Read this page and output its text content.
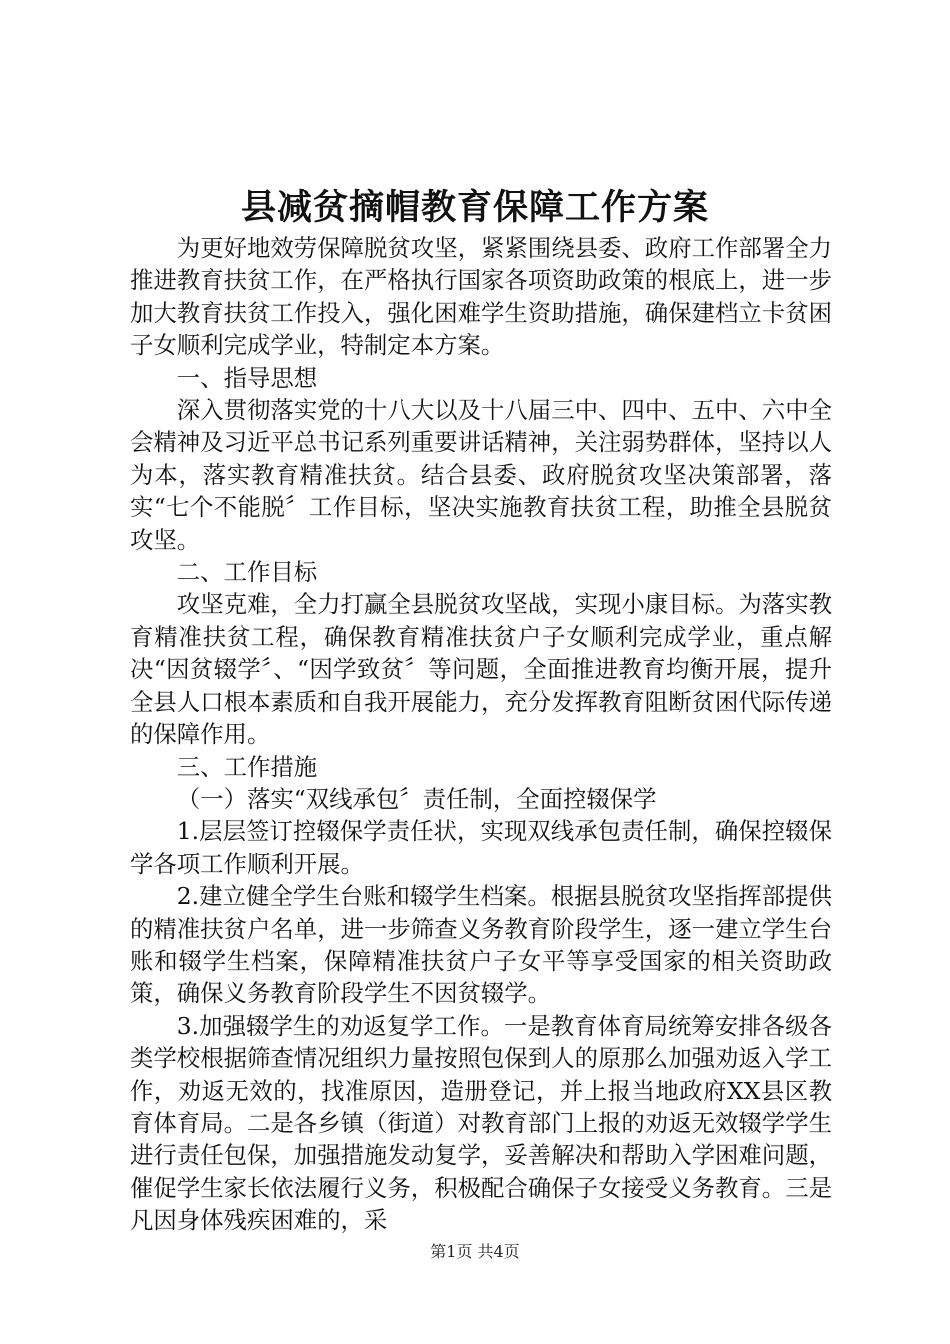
县减贫摘帽教育保障工作方案

为更好地效劳保障脱贫攻坚，紧紧围绕县委、政府工作部署全力推进教育扶贫工作，在严格执行国家各项资助政策的根底上，进一步加大教育扶贫工作投入，强化困难学生资助措施，确保建档立卡贫困子女顺利完成学业，特制定本方案。

一、指导思想

深入贯彻落实党的十八大以及十八届三中、四中、五中、六中全会精神及习近平总书记系列重要讲话精神，关注弱势群体，坚持以人为本，落实教育精准扶贫。结合县委、政府脱贫攻坚决策部署，落实“七个不能脱〞工作目标，坚决实施教育扶贫工程，助推全县脱贫攻坚。

二、工作目标

攻坚克难，全力打赢全县脱贫攻坚战，实现小康目标。为落实教育精准扶贫工程，确保教育精准扶贫户子女顺利完成学业，重点解决“因贫辍学〞、“因学致贫〞等问题，全面推进教育均衡开展，提升全县人口根本素质和自我开展能力，充分发挥教育阻断贫困代际传递的保障作用。

三、工作措施

（一）落实“双线承包〞责任制，全面控辍保学

1.层层签订控辍保学责任状，实现双线承包责任制，确保控辍保学各项工作顺利开展。

2.建立健全学生台账和辍学生档案。根据县脱贫攻坚指挥部提供的精准扶贫户名单，进一步筛查义务教育阶段学生，逐一建立学生台账和辍学生档案，保障精准扶贫户子女平等享受国家的相关资助政策，确保义务教育阶段学生不因贫辍学。

3.加强辍学生的劝返复学工作。一是教育体育局统筹安排各级各类学校根据筛查情况组织力量按照包保到人的原那么加强劝返入学工作，劝返无效的，找准原因，造册登记，并上报当地政府XX县区教育体育局。二是各乡镇（街道）对教育部门上报的劝返无效辍学学生进行责任包保，加强措施发动复学，妥善解决和帮助入学困难问题，催促学生家长依法履行义务，积极配合确保子女接受义务教育。三是凡因身体残疾困难的，采

第1页 共4页
